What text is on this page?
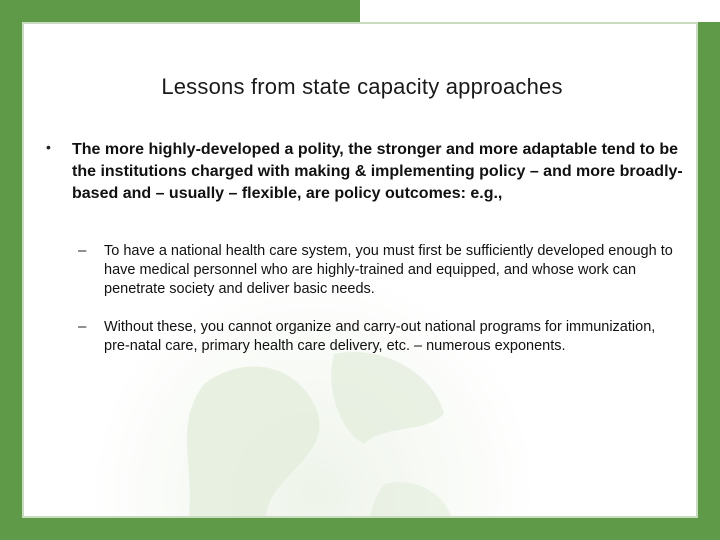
Lessons from state capacity approaches
• The more highly-developed a polity, the stronger and more adaptable tend to be the institutions charged with making & implementing policy – and more broadly-based and – usually – flexible, are policy outcomes: e.g.,
– To have a national health care system, you must first be sufficiently developed enough to have medical personnel who are highly-trained and equipped, and whose work can penetrate society and deliver basic needs.
– Without these, you cannot organize and carry-out national programs for immunization, pre-natal care, primary health care delivery, etc. – numerous exponents.
